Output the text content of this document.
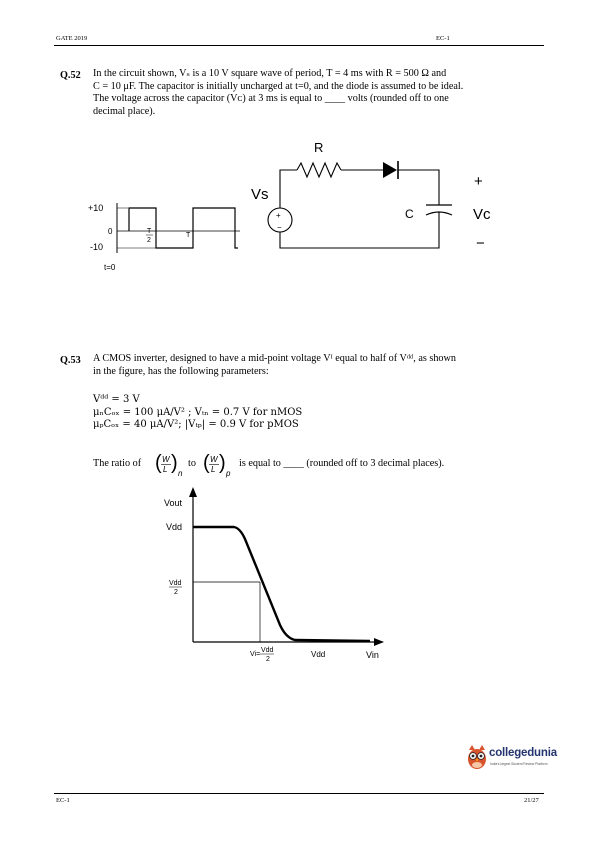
GATE 2019	EC-1
Q.52 In the circuit shown, Vₛ is a 10 V square wave of period, T = 4 ms with R = 500 Ω and
C = 10 μF. The capacitor is initially uncharged at t=0, and the diode is assumed to be ideal.
The voltage across the capacitor (Vᴄ) at 3 ms is equal to ____ volts (rounded off to one
decimal place).
+10
0
-10
t=0
T
2
T
R
C
+
Vc
−
+
−
Vs
Q.53 A CMOS inverter, designed to have a mid-point voltage Vᴵ equal to half of Vᵈᵈ, as shown
in the figure, has the following parameters:
Vᵈᵈ = 3 V
μₙCₒₓ = 100 μA/V² ; Vₜₙ = 0.7 V for nMOS
μₚCₒₓ = 40 μA/V²; |Vₜₚ| = 0.9 V for pMOS
The ratio of ( W
L ) n
to ( W
L ) p
is equal to ____ (rounded off to 3 decimal places).
Vout
Vdd
Vdd
2
Vi=
Vdd
2
Vdd	Vin
collegedunia
India's largest Student Review Platform
EC-1	21/27
